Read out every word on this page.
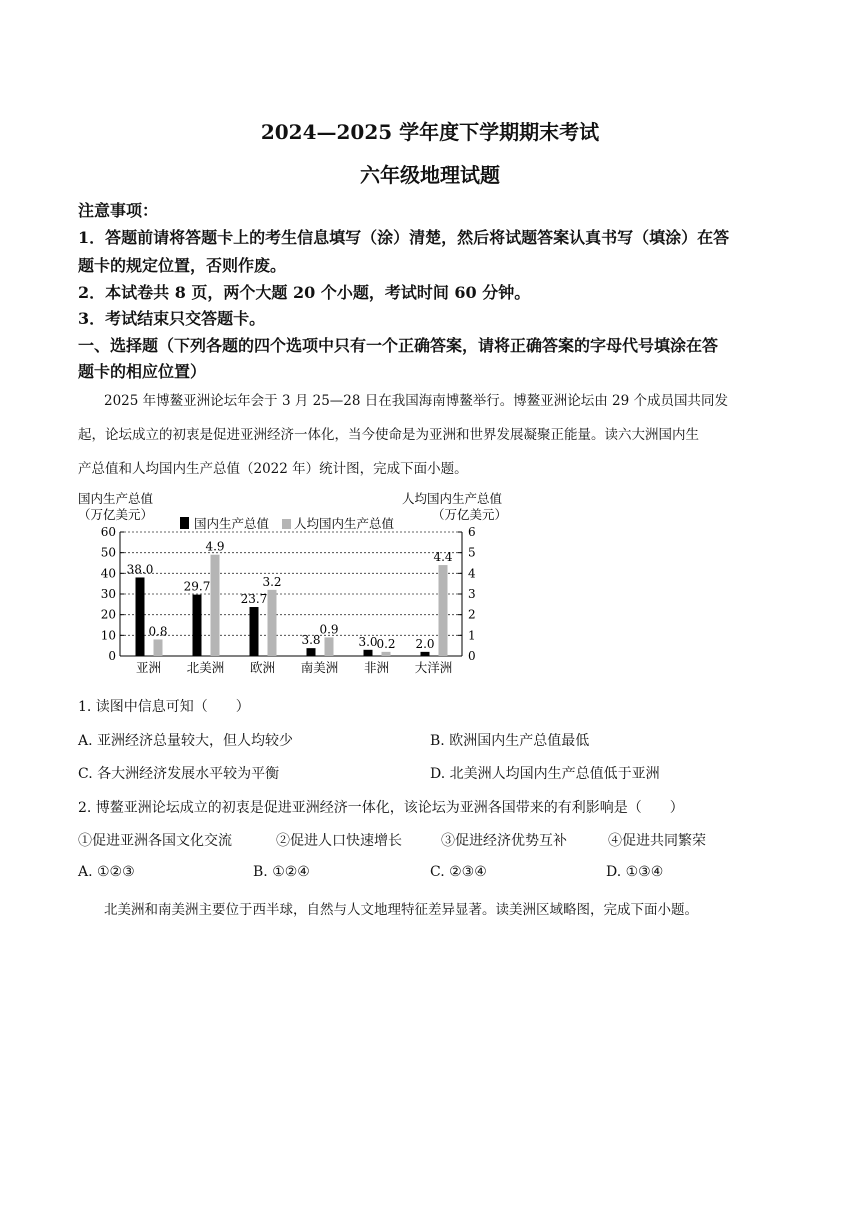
2024—2025 学年度下学期期末考试
六年级地理试题
注意事项：
1．答题前请将答题卡上的考生信息填写（涂）清楚，然后将试题答案认真书写（填涂）在答
题卡的规定位置，否则作废。
2．本试卷共 8 页，两个大题 20 个小题，考试时间 60 分钟。
3．考试结束只交答题卡。
一、选择题（下列各题的四个选项中只有一个正确答案，请将正确答案的字母代号填涂在答
题卡的相应位置）
2025 年博鳌亚洲论坛年会于 3 月 25—28 日在我国海南博鳌举行。博鳌亚洲论坛由 29 个成员国共同发
起，论坛成立的初衷是促进亚洲经济一体化，当今使命是为亚洲和世界发展凝聚正能量。读六大洲国内生
产总值和人均国内生产总值（2022 年）统计图，完成下面小题。
国内生产总值
（万亿美元）
人均国内生产总值
（万亿美元）
0
10
20
30
40
50
60
0
1
2
3
4
5
6
国内生产总值 人均国内生产总值
38.0
0.8
亚洲
29.7
4.9
北美洲
23.7
3.2
欧洲
3.8
0.9
南美洲
3.0
0.2
非洲
2.0
4.4
大洋洲
1. 读图中信息可知（　　）
A. 亚洲经济总量较大，但人均较少	B. 欧洲国内生产总值最低
C. 各大洲经济发展水平较为平衡	D. 北美洲人均国内生产总值低于亚洲
2. 博鳌亚洲论坛成立的初衷是促进亚洲经济一体化，该论坛为亚洲各国带来的有利影响是（　　）
①促进亚洲各国文化交流	②促进人口快速增长	③促进经济优势互补	④促进共同繁荣
A. ①②③	B. ①②④	C. ②③④	D. ①③④
北美洲和南美洲主要位于西半球，自然与人文地理特征差异显著。读美洲区域略图，完成下面小题。
